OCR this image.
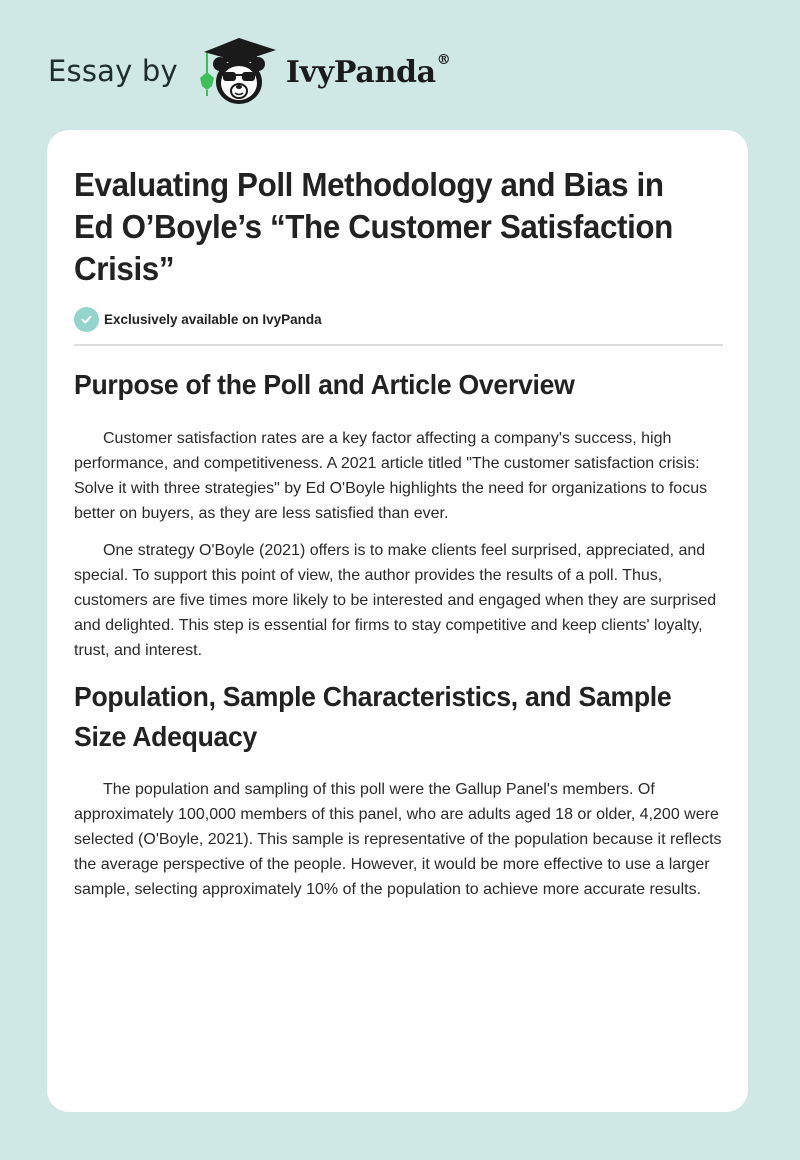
Essay by	IvyPanda®
Evaluating Poll Methodology and Bias in Ed O’Boyle’s “The Customer Satisfaction Crisis”
Exclusively available on IvyPanda
Purpose of the Poll and Article Overview

Customer satisfaction rates are a key factor affecting a company's success, high performance, and competitiveness. A 2021 article titled "The customer satisfaction crisis: Solve it with three strategies" by Ed O'Boyle highlights the need for organizations to focus better on buyers, as they are less satisfied than ever.

One strategy O'Boyle (2021) offers is to make clients feel surprised, appreciated, and special. To support this point of view, the author provides the results of a poll. Thus, customers are five times more likely to be interested and engaged when they are surprised and delighted. This step is essential for firms to stay competitive and keep clients' loyalty, trust, and interest.

Population, Sample Characteristics, and Sample Size Adequacy

The population and sampling of this poll were the Gallup Panel's members. Of approximately 100,000 members of this panel, who are adults aged 18 or older, 4,200 were selected (O'Boyle, 2021). This sample is representative of the population because it reflects the average perspective of the people. However, it would be more effective to use a larger sample, selecting approximately 10% of the population to achieve more accurate results.
